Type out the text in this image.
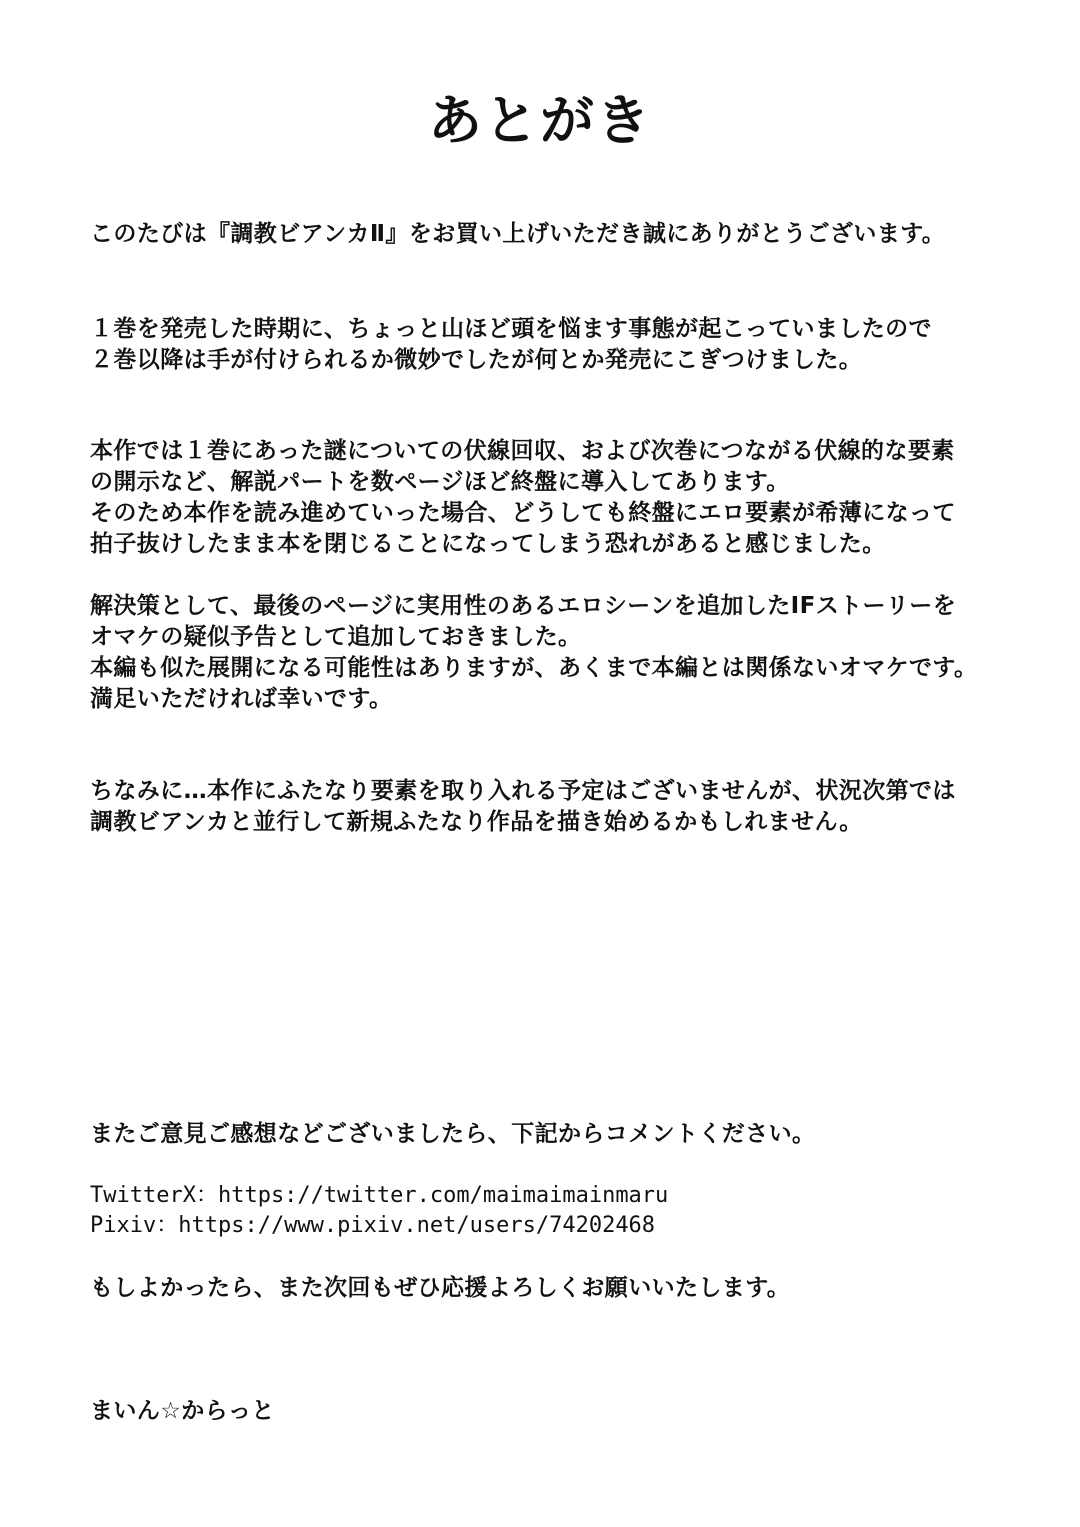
あとがき
このたびは『調教ビアンカⅡ』をお買い上げいただき誠にありがとうございます。
１巻を発売した時期に、ちょっと山ほど頭を悩ます事態が起こっていましたので
２巻以降は手が付けられるか微妙でしたが何とか発売にこぎつけました。
本作では１巻にあった謎についての伏線回収、および次巻につながる伏線的な要素
の開示など、解説パートを数ページほど終盤に導入してあります。
そのため本作を読み進めていった場合、どうしても終盤にエロ要素が希薄になって
拍子抜けしたまま本を閉じることになってしまう恐れがあると感じました。
解決策として、最後のページに実用性のあるエロシーンを追加したIFストーリーを
オマケの疑似予告として追加しておきました。
本編も似た展開になる可能性はありますが、あくまで本編とは関係ないオマケです。
満足いただければ幸いです。
ちなみに…本作にふたなり要素を取り入れる予定はございませんが、状況次第では
調教ビアンカと並行して新規ふたなり作品を描き始めるかもしれません。
またご意見ご感想などございましたら、下記からコメントください。
TwitterX：https://twitter.com/maimaimainmaru
Pixiv：https://www.pixiv.net/users/74202468
もしよかったら、また次回もぜひ応援よろしくお願いいたします。
まいん☆からっと
